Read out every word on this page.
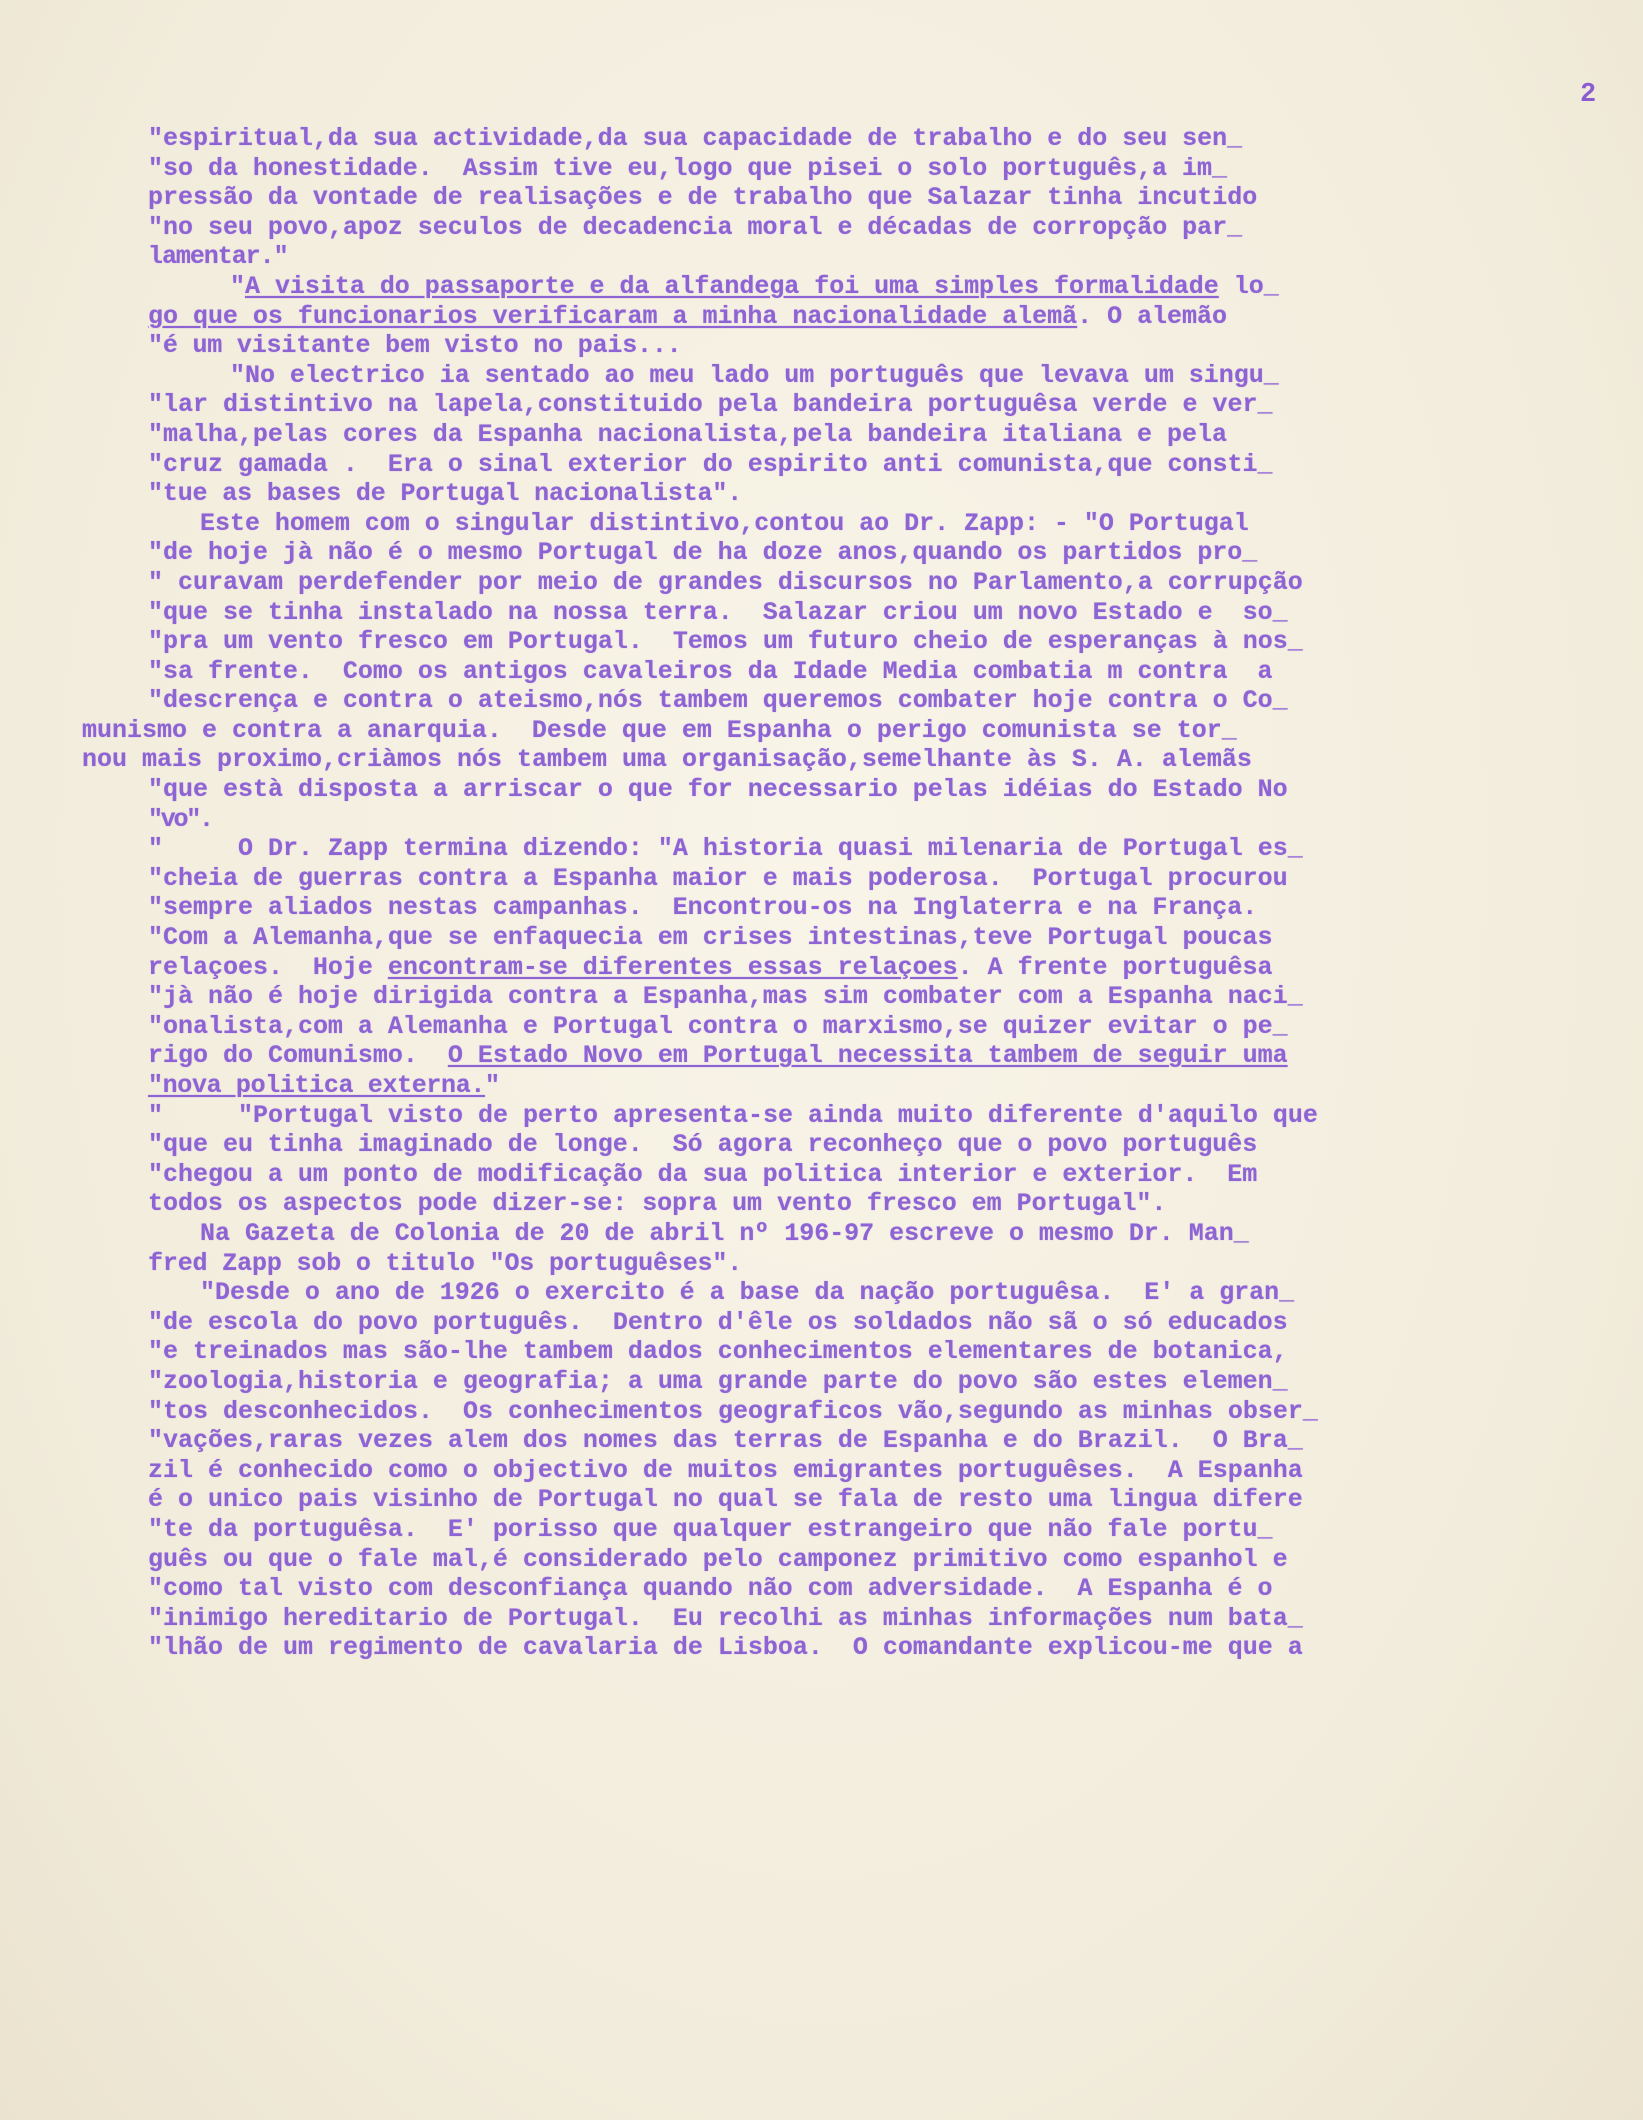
2
"espiritual,da sua actividade,da sua capacidade de trabalho e do seu sen_
"so da honestidade.  Assim tive eu,logo que pisei o solo português,a im_
pressão da vontade de realisações e de trabalho que Salazar tinha incutido
"no seu povo,apoz seculos de decadencia moral e décadas de corropção par_
lamentar."
"A visita do passaporte e da alfandega foi uma simples formalidade lo_
go que os funcionarios verificaram a minha nacionalidade alemã. O alemão
"é um visitante bem visto no pais...
"No electrico ia sentado ao meu lado um português que levava um singu_
"lar distintivo na lapela,constituido pela bandeira portuguêsa verde e ver_
"malha,pelas cores da Espanha nacionalista,pela bandeira italiana e pela
"cruz gamada .  Era o sinal exterior do espirito anti comunista,que consti_
"tue as bases de Portugal nacionalista".
Este homem com o singular distintivo,contou ao Dr. Zapp: - "O Portugal
"de hoje jà não é o mesmo Portugal de ha doze anos,quando os partidos pro_
" curavam perdefender por meio de grandes discursos no Parlamento,a corrupção
"que se tinha instalado na nossa terra.  Salazar criou um novo Estado e  so_
"pra um vento fresco em Portugal.  Temos um futuro cheio de esperanças à nos_
"sa frente.  Como os antigos cavaleiros da Idade Media combatia m contra  a
"descrença e contra o ateismo,nós tambem queremos combater hoje contra o Co_
munismo e contra a anarquia.  Desde que em Espanha o perigo comunista se tor_
nou mais proximo,criàmos nós tambem uma organisação,semelhante às S. A. alemãs
"que està disposta a arriscar o que for necessario pelas idéias do Estado No
"vo".
"     O Dr. Zapp termina dizendo: "A historia quasi milenaria de Portugal es_
"cheia de guerras contra a Espanha maior e mais poderosa.  Portugal procurou
"sempre aliados nestas campanhas.  Encontrou-os na Inglaterra e na França.
"Com a Alemanha,que se enfaquecia em crises intestinas,teve Portugal poucas
relaçoes.  Hoje encontram-se diferentes essas relaçoes. A frente portuguêsa
"jà não é hoje dirigida contra a Espanha,mas sim combater com a Espanha naci_
"onalista,com a Alemanha e Portugal contra o marxismo,se quizer evitar o pe_
rigo do Comunismo.  O Estado Novo em Portugal necessita tambem de seguir uma
"nova politica externa."
"     "Portugal visto de perto apresenta-se ainda muito diferente d'aquilo que
"que eu tinha imaginado de longe.  Só agora reconheço que o povo português
"chegou a um ponto de modificação da sua politica interior e exterior.  Em
todos os aspectos pode dizer-se: sopra um vento fresco em Portugal".
Na Gazeta de Colonia de 20 de abril nº 196-97 escreve o mesmo Dr. Man_
fred Zapp sob o titulo "Os portuguêses".
"Desde o ano de 1926 o exercito é a base da nação portuguêsa.  E' a gran_
"de escola do povo português.  Dentro d'êle os soldados não sã o só educados
"e treinados mas são-lhe tambem dados conhecimentos elementares de botanica,
"zoologia,historia e geografia; a uma grande parte do povo são estes elemen_
"tos desconhecidos.  Os conhecimentos geograficos vão,segundo as minhas obser_
"vações,raras vezes alem dos nomes das terras de Espanha e do Brazil.  O Bra_
zil é conhecido como o objectivo de muitos emigrantes portuguêses.  A Espanha
é o unico pais visinho de Portugal no qual se fala de resto uma lingua difere
"te da portuguêsa.  E' porisso que qualquer estrangeiro que não fale portu_
guês ou que o fale mal,é considerado pelo camponez primitivo como espanhol e
"como tal visto com desconfiança quando não com adversidade.  A Espanha é o
"inimigo hereditario de Portugal.  Eu recolhi as minhas informações num bata_
"lhão de um regimento de cavalaria de Lisboa.  O comandante explicou-me que a
